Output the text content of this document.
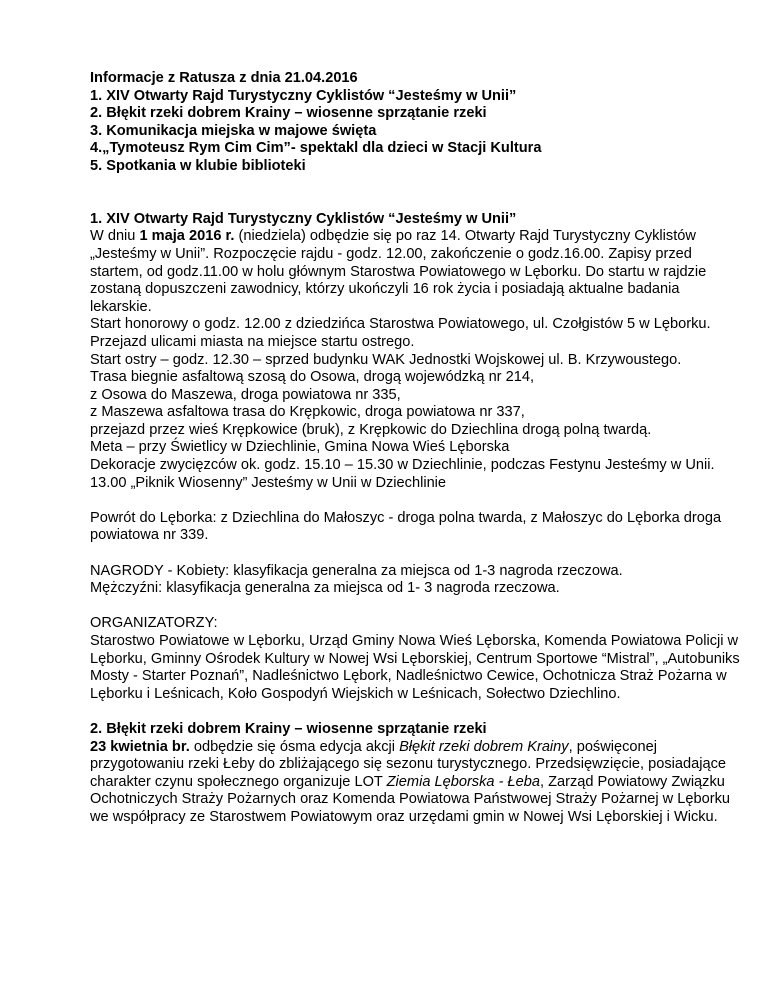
Informacje z Ratusza z dnia 21.04.2016
1. XIV Otwarty Rajd Turystyczny Cyklistów “Jesteśmy w Unii”
2. Błękit rzeki dobrem Krainy – wiosenne sprzątanie rzeki
3. Komunikacja miejska w majowe święta
4.„Tymoteusz Rym Cim Cim”- spektakl dla dzieci w Stacji Kultura
5. Spotkania w klubie biblioteki
1. XIV Otwarty Rajd Turystyczny Cyklistów “Jesteśmy w Unii”

W dniu 1 maja 2016 r. (niedziela) odbędzie się po raz 14. Otwarty Rajd Turystyczny Cyklistów „Jesteśmy w Unii”. Rozpoczęcie rajdu - godz. 12.00, zakończenie o godz.16.00. Zapisy przed startem, od godz.11.00 w holu głównym Starostwa Powiatowego w Lęborku. Do startu w rajdzie zostaną dopuszczeni zawodnicy, którzy ukończyli 16 rok życia i posiadają aktualne badania lekarskie.

Start honorowy o godz. 12.00 z dziedzińca Starostwa Powiatowego, ul. Czołgistów 5 w Lęborku.

Przejazd ulicami miasta na miejsce startu ostrego.

Start ostry – godz. 12.30 – sprzed budynku WAK Jednostki Wojskowej ul. B. Krzywoustego.

Trasa biegnie asfaltową szosą do Osowa, drogą wojewódzką nr 214,

z Osowa do Maszewa, droga powiatowa nr 335,

z Maszewa asfaltowa trasa do Krępkowic, droga powiatowa nr 337,

przejazd przez wieś Krępkowice (bruk), z Krępkowic do Dziechlina drogą polną twardą.

Meta – przy Świetlicy w Dziechlinie, Gmina Nowa Wieś Lęborska

Dekoracje zwycięzców ok. godz. 15.10 – 15.30 w Dziechlinie, podczas Festynu Jesteśmy w Unii.

13.00 „Piknik Wiosenny” Jesteśmy w Unii w Dziechlinie

Powrót do Lęborka: z Dziechlina do Małoszyc - droga polna twarda, z Małoszyc do Lęborka droga powiatowa nr 339.

NAGRODY - Kobiety: klasyfikacja generalna za miejsca od 1-3 nagroda rzeczowa.

Mężczyźni: klasyfikacja generalna za miejsca od 1- 3 nagroda rzeczowa.

ORGANIZATORZY:

Starostwo Powiatowe w Lęborku, Urząd Gminy Nowa Wieś Lęborska, Komenda Powiatowa Policji w Lęborku, Gminny Ośrodek Kultury w Nowej Wsi Lęborskiej, Centrum Sportowe “Mistral”, „Autobuniks Mosty - Starter Poznań”, Nadleśnictwo Lębork, Nadleśnictwo Cewice, Ochotnicza Straż Pożarna w Lęborku i Leśnicach, Koło Gospodyń Wiejskich w Leśnicach, Sołectwo Dziechlino.

2. Błękit rzeki dobrem Krainy – wiosenne sprzątanie rzeki

23 kwietnia br. odbędzie się ósma edycja akcji Błękit rzeki dobrem Krainy, poświęconej przygotowaniu rzeki Łeby do zbliżającego się sezonu turystycznego. Przedsięwzięcie, posiadające charakter czynu społecznego organizuje LOT Ziemia Lęborska - Łeba, Zarząd Powiatowy Związku Ochotniczych Straży Pożarnych oraz Komenda Powiatowa Państwowej Straży Pożarnej w Lęborku we współpracy ze Starostwem Powiatowym oraz urzędami gmin w Nowej Wsi Lęborskiej i Wicku.
